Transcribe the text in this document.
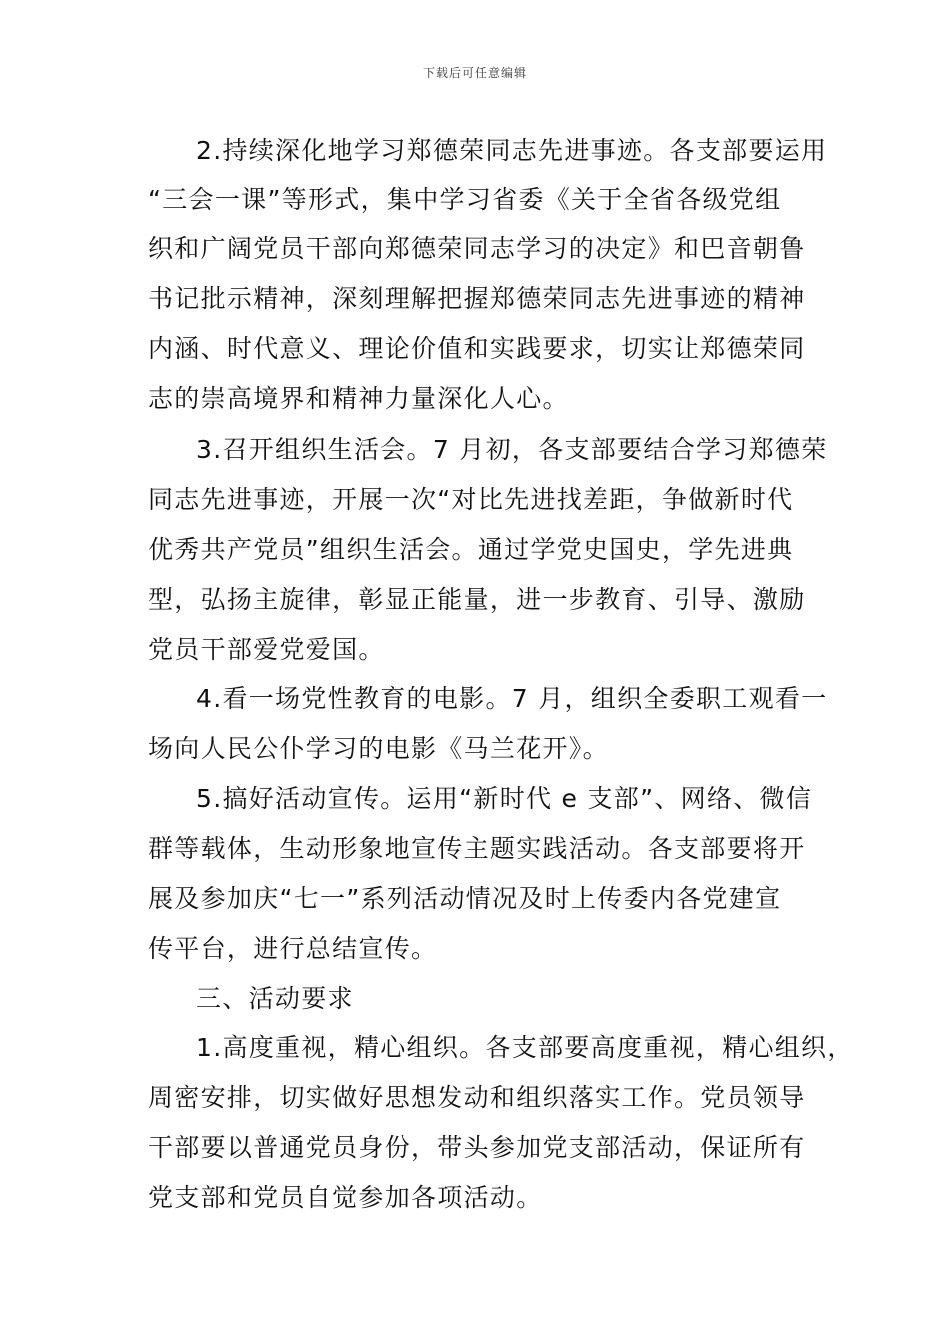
下载后可任意编辑
2.持续深化地学习郑德荣同志先进事迹。各支部要运用
“三会一课”等形式，集中学习省委《关于全省各级党组
织和广阔党员干部向郑德荣同志学习的决定》和巴音朝鲁
书记批示精神，深刻理解把握郑德荣同志先进事迹的精神
内涵、时代意义、理论价值和实践要求，切实让郑德荣同
志的崇高境界和精神力量深化人心。
3.召开组织生活会。7 月初，各支部要结合学习郑德荣
同志先进事迹，开展一次“对比先进找差距，争做新时代
优秀共产党员”组织生活会。通过学党史国史，学先进典
型，弘扬主旋律，彰显正能量，进一步教育、引导、激励
党员干部爱党爱国。
4.看一场党性教育的电影。7 月，组织全委职工观看一
场向人民公仆学习的电影《马兰花开》。
5.搞好活动宣传。运用“新时代 e 支部”、网络、微信
群等载体，生动形象地宣传主题实践活动。各支部要将开
展及参加庆“七一”系列活动情况及时上传委内各党建宣
传平台，进行总结宣传。
三、活动要求
1.高度重视，精心组织。各支部要高度重视，精心组织，
周密安排，切实做好思想发动和组织落实工作。党员领导
干部要以普通党员身份，带头参加党支部活动，保证所有
党支部和党员自觉参加各项活动。
